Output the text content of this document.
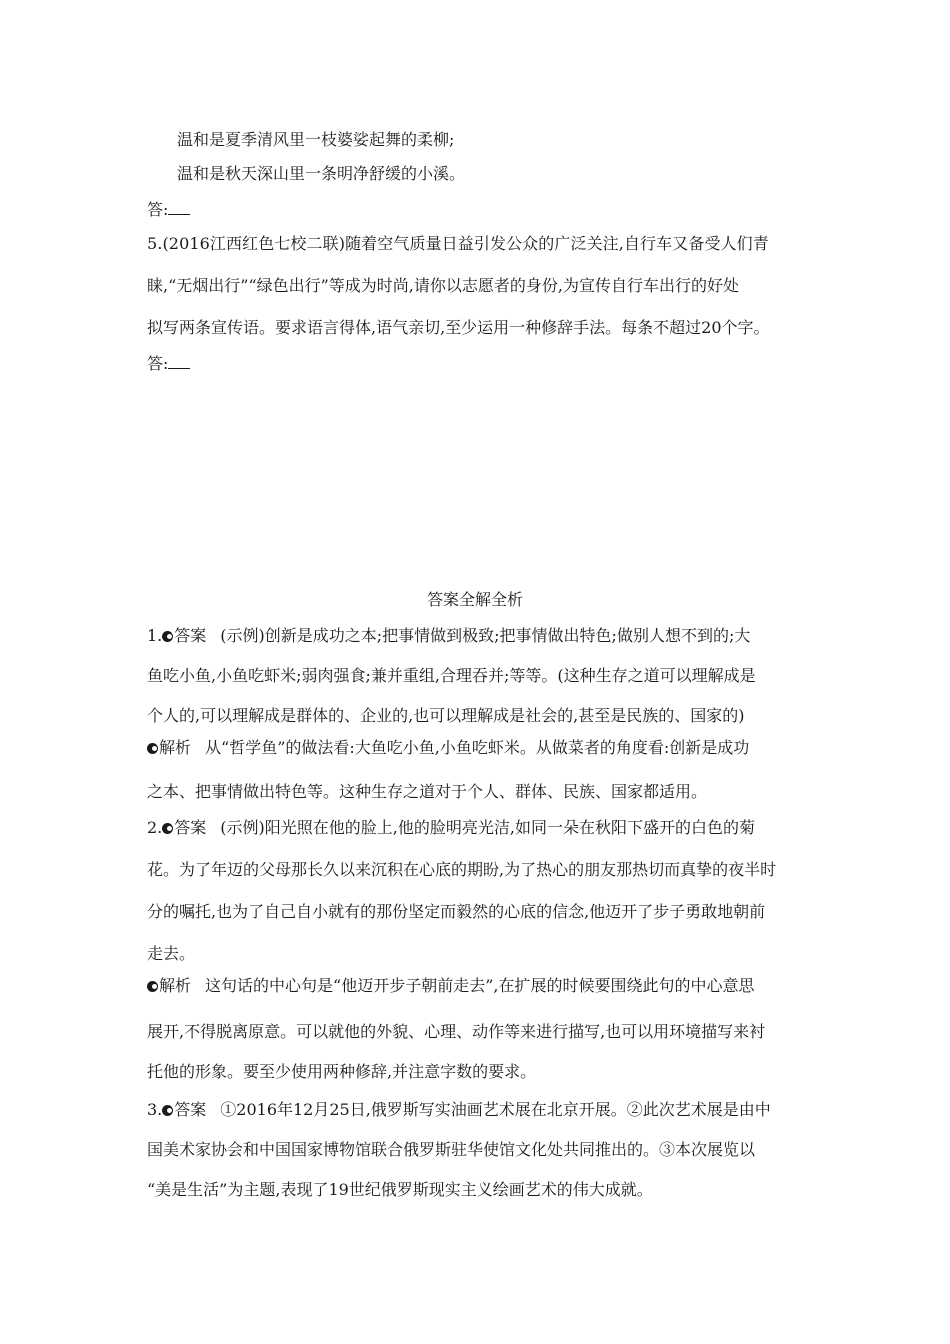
温和是夏季清风里一枝婆娑起舞的柔柳;
温和是秋天深山里一条明净舒缓的小溪。
答:
5.(2016江西红色七校二联)随着空气质量日益引发公众的广泛关注,自行车又备受人们青
睐,“无烟出行”“绿色出行”等成为时尚,请你以志愿者的身份,为宣传自行车出行的好处
拟写两条宣传语。要求语言得体,语气亲切,至少运用一种修辞手法。每条不超过20个字。
答:
答案全解全析
1. 答案 (示例)创新是成功之本;把事情做到极致;把事情做出特色;做别人想不到的;大
鱼吃小鱼,小鱼吃虾米;弱肉强食;兼并重组,合理吞并;等等。(这种生存之道可以理解成是
个人的,可以理解成是群体的、企业的,也可以理解成是社会的,甚至是民族的、国家的)
解析 从“哲学鱼”的做法看:大鱼吃小鱼,小鱼吃虾米。从做菜者的角度看:创新是成功
之本、把事情做出特色等。这种生存之道对于个人、群体、民族、国家都适用。
2. 答案 (示例)阳光照在他的脸上,他的脸明亮光洁,如同一朵在秋阳下盛开的白色的菊
花。为了年迈的父母那长久以来沉积在心底的期盼,为了热心的朋友那热切而真挚的夜半时
分的嘱托,也为了自己自小就有的那份坚定而毅然的心底的信念,他迈开了步子勇敢地朝前
走去。
解析 这句话的中心句是“他迈开步子朝前走去”,在扩展的时候要围绕此句的中心意思
展开,不得脱离原意。可以就他的外貌、心理、动作等来进行描写,也可以用环境描写来衬
托他的形象。要至少使用两种修辞,并注意字数的要求。
3. 答案 ①2016年12月25日,俄罗斯写实油画艺术展在北京开展。②此次艺术展是由中
国美术家协会和中国国家博物馆联合俄罗斯驻华使馆文化处共同推出的。③本次展览以
“美是生活”为主题,表现了19世纪俄罗斯现实主义绘画艺术的伟大成就。
